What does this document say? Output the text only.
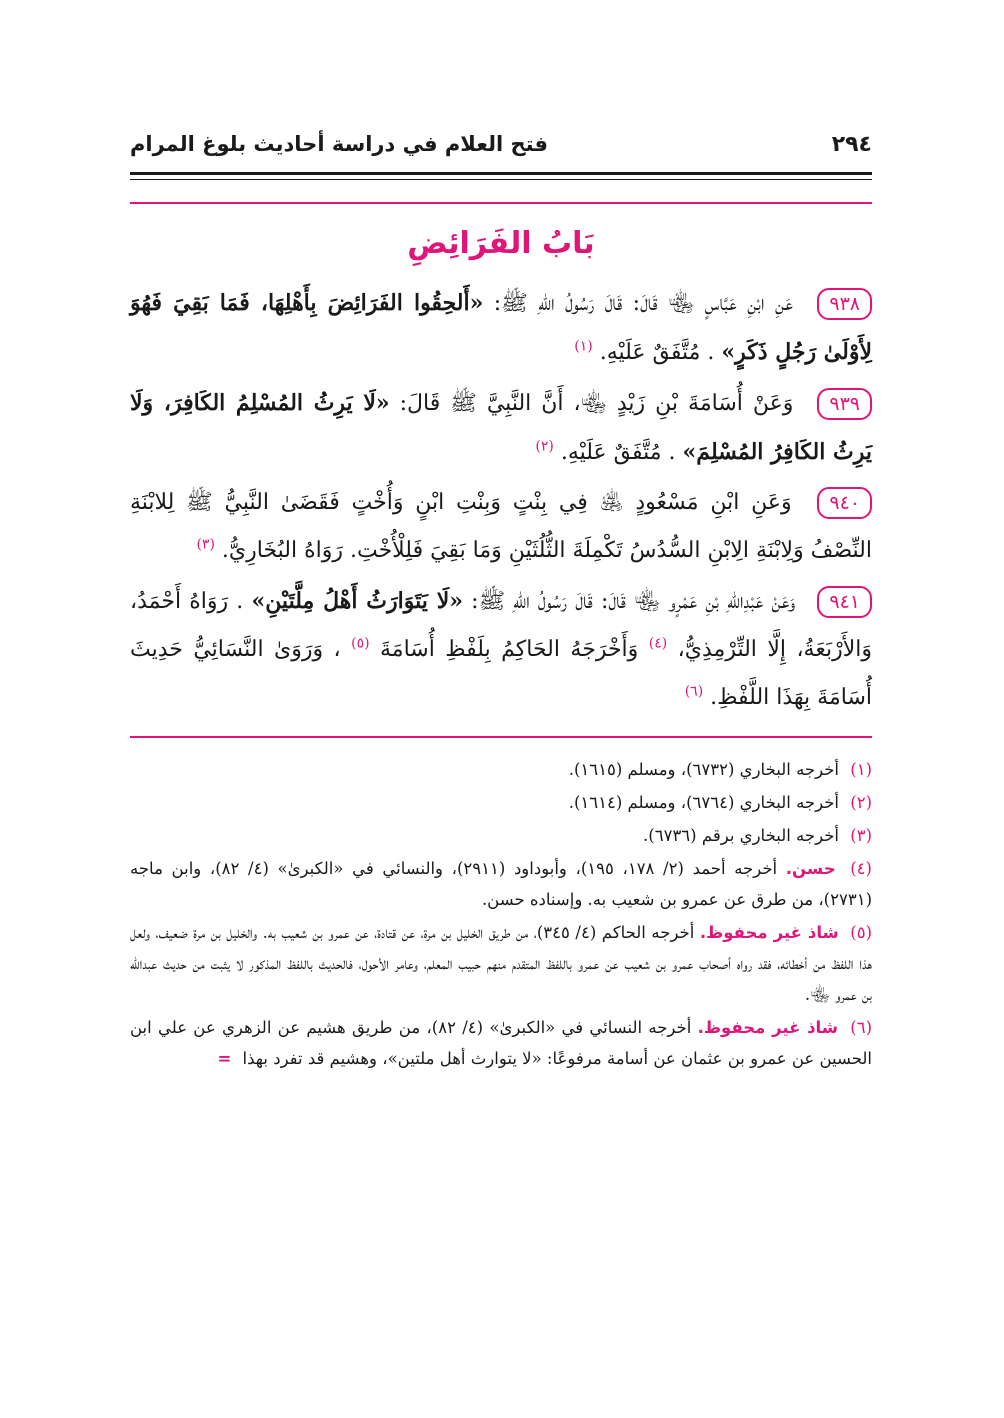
٢٩٤
فتح العلام في دراسة أحاديث بلوغ المرام
بَابُ الفَرَائِضِ

٩٣٨ عَنِ ابْنِ عَبَّاسٍ ﵄ قَالَ: قَالَ رَسُولُ اللهِ ﷺ: «أَلحِقُوا الفَرَائِضَ بِأَهْلِهَا، فَمَا بَقِيَ فَهُوَ لِأَوْلَىٰ رَجُلٍ ذَكَرٍ» . مُتَّفَقٌ عَلَيْهِ. $^{(١)}$

٩٣٩ وَعَنْ أُسَامَةَ بْنِ زَيْدٍ ﵄، أَنَّ النَّبِيَّ ﷺ قَالَ: «لَا يَرِثُ المُسْلِمُ الكَافِرَ، وَلَا يَرِثُ الكَافِرُ المُسْلِمَ» . مُتَّفَقٌ عَلَيْهِ. $^{(٢)}$

٩٤٠ وَعَنِ ابْنِ مَسْعُودٍ ﵁ فِي بِنْتٍ وَبِنْتِ ابْنٍ وَأُخْتٍ فَقَضَىٰ النَّبِيُّ ﷺ لِلابْنَةِ النِّصْفُ وَلِابْنَةِ الِابْنِ السُّدُسُ تَكْمِلَةَ الثُّلُثَيْنِ وَمَا بَقِيَ فَلِلْأُخْتِ. رَوَاهُ البُخَارِيُّ. $^{(٣)}$

٩٤١ وَعَنْ عَبْدِاللهِ بْنِ عَمْرٍو ﵄ قَالَ: قَالَ رَسُولُ اللهِ ﷺ: «لَا يَتَوَارَثُ أَهْلُ مِلَّتَيْنِ» . رَوَاهُ أَحْمَدُ، وَالأَرْبَعَةُ، إِلَّا التِّرْمِذِيُّ، $^{(٤)}$ وَأَخْرَجَهُ الحَاكِمُ بِلَفْظِ أُسَامَةَ $^{(٥)}$ ، وَرَوَىٰ النَّسَائِيُّ حَدِيثَ أُسَامَةَ بِهَذَا اللَّفْظِ. $^{(٦)}$

(١) أخرجه البخاري (٦٧٣٢)، ومسلم (١٦١٥).

(٢) أخرجه البخاري (٦٧٦٤)، ومسلم (١٦١٤).

(٣) أخرجه البخاري برقم (٦٧٣٦).

(٤) حسن. أخرجه أحمد (٢/ ١٧٨، ١٩٥)، وأبوداود (٢٩١١)، والنسائي في «الكبرىٰ» (٤/ ٨٢)، وابن ماجه (٢٧٣١)، من طرق عن عمرو بن شعيب به. وإسناده حسن.

(٥) شاذ غير محفوظ. أخرجه الحاكم (٤/ ٣٤٥)، من طريق الخليل بن مرة، عن قتادة، عن عمرو بن شعيب به. والخليل بن مرة ضعيف، ولعل هذا اللفظ من أخطائه، فقد رواه أصحاب عمرو بن شعيب عن عمرو باللفظ المتقدم منهم حبيب المعلم، وعامر الأحول، فالحديث باللفظ المذكور لا يثبت من حديث عبدالله بن عمرو ﵄.

(٦) شاذ غير محفوظ. أخرجه النسائي في «الكبرىٰ» (٤/ ٨٢)، من طريق هشيم عن الزهري عن علي ابن الحسين عن عمرو بن عثمان عن أسامة مرفوعًا: «لا يتوارث أهل ملتين»، وهشيم قد تفرد بهذا =
